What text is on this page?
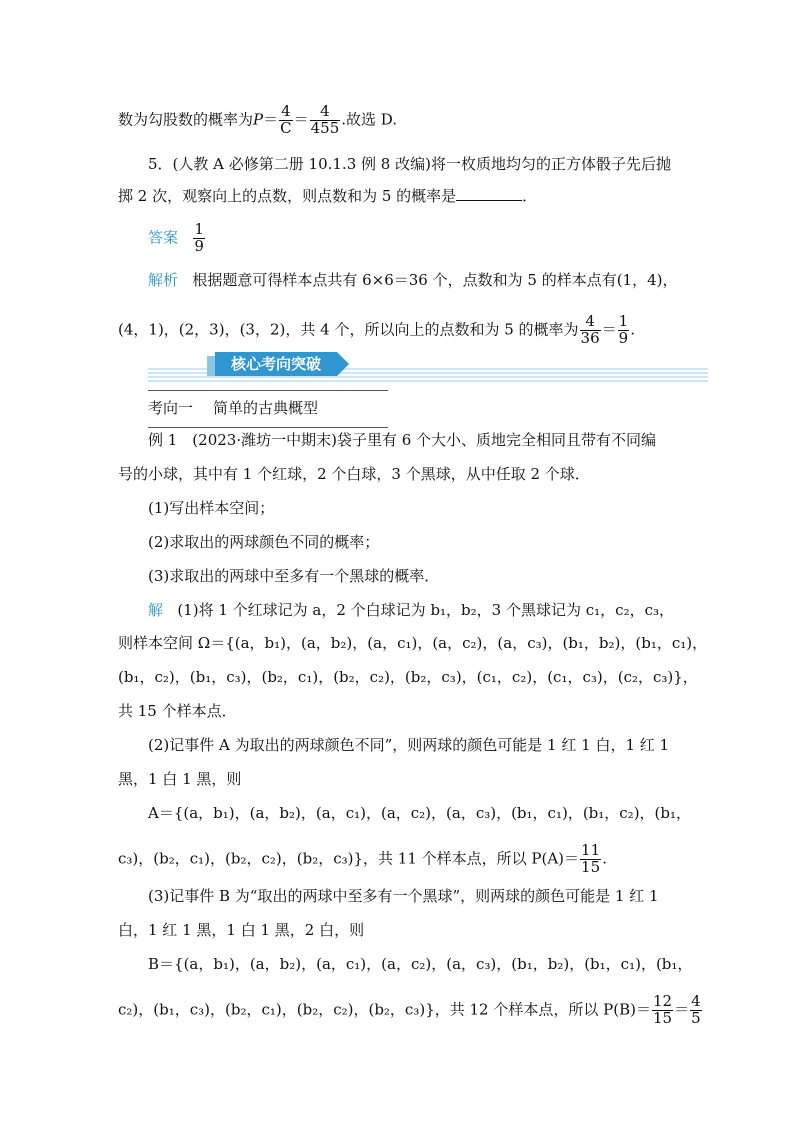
数为勾股数的概率为$P= \frac{4}{C} = \frac{4}{455}$ .故选 D.
5．(人教 A 必修第二册 10.1.3 例 8 改编)将一枚质地均匀的正方体骰子先后抛
掷 2 次，观察向上的点数，则点数和为 5 的概率是	．
答案 $\frac{1}{9}$
解析 根据题意可得样本点共有 6×6＝36 个，点数和为 5 的样本点有(1，4)，
(4，1)，(2，3)，(3，2)，共 4 个，所以向上的点数和为 5 的概率为 $\frac{4}{36} = \frac{1}{9}$ .
核心考向突破
考向一 简单的古典概型
例 1　(2023·潍坊一中期末)袋子里有 6 个大小、质地完全相同且带有不同编
号的小球，其中有 1 个红球，2 个白球，3 个黑球，从中任取 2 个球．
(1)写出样本空间；
(2)求取出的两球颜色不同的概率；
(3)求取出的两球中至多有一个黑球的概率．
解 (1)将 1 个红球记为 a，2 个白球记为 b₁，b₂，3 个黑球记为 c₁，c₂，c₃，
则样本空间 Ω＝{(a，b₁)，(a，b₂)，(a，c₁)，(a，c₂)，(a，c₃)，(b₁，b₂)，(b₁，c₁)，
(b₁，c₂)，(b₁，c₃)，(b₂，c₁)，(b₂，c₂)，(b₂，c₃)，(c₁，c₂)，(c₁，c₃)，(c₂，c₃)}，
共 15 个样本点．
(2)记事件 A 为取出的两球颜色不同”，则两球的颜色可能是 1 红 1 白，1 红 1
黑，1 白 1 黑，则
A＝{(a，b₁)，(a，b₂)，(a，c₁)，(a，c₂)，(a，c₃)，(b₁，c₁)，(b₁，c₂)，(b₁，
c₃)，(b₂，c₁)，(b₂，c₂)，(b₂，c₃)}，共 11 个样本点，所以 $P(A)= \frac{11}{15}$ .
(3)记事件 B 为“取出的两球中至多有一个黑球”，则两球的颜色可能是 1 红 1
白，1 红 1 黑，1 白 1 黑，2 白，则
B＝{(a，b₁)，(a，b₂)，(a，c₁)，(a，c₂)，(a，c₃)，(b₁，b₂)，(b₁，c₁)，(b₁，
c₂)，(b₁，c₃)，(b₂，c₁)，(b₂，c₂)，(b₂，c₃)}，共 12 个样本点，所以 $P(B)= \frac{12}{15} = \frac{4}{5}$
